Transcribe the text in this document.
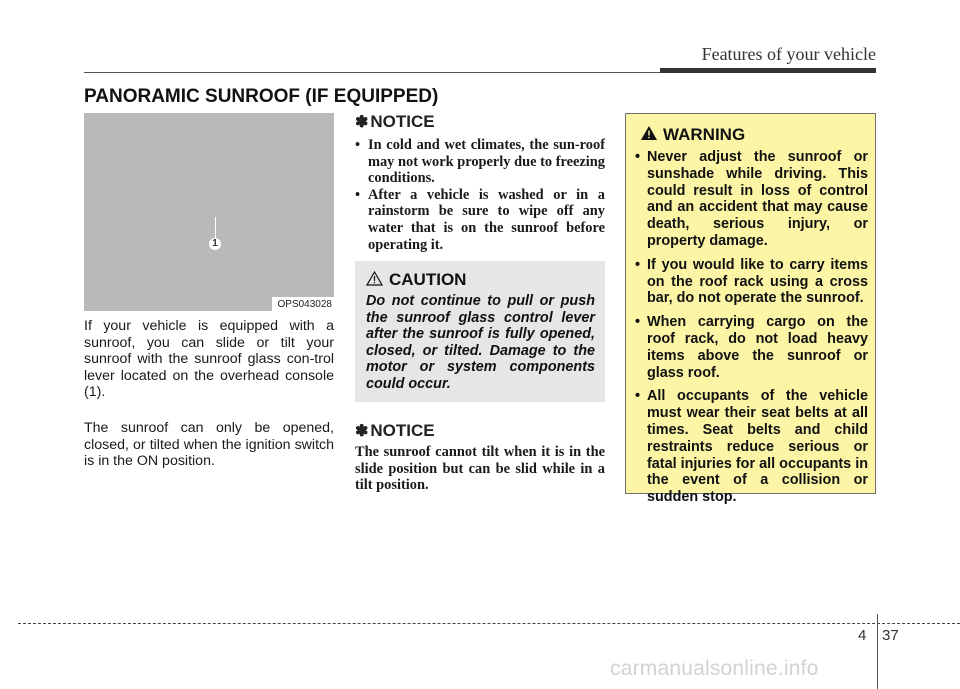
Features of your vehicle
PANORAMIC SUNROOF (IF EQUIPPED)
1
OPS043028

If your vehicle is equipped with a sunroof, you can slide or tilt your sunroof with the sunroof glass con-trol lever located on the overhead console (1).

The sunroof can only be opened, closed, or tilted when the ignition switch is in the ON position.

✽ NOTICE
• In cold and wet climates, the sun-roof may not work properly due to freezing conditions.
• After a vehicle is washed or in a rainstorm be sure to wipe off any water that is on the sunroof before operating it.
CAUTION

Do not continue to pull or push the sunroof glass control lever after the sunroof is fully opened, closed, or tilted. Damage to the motor or system components could occur.

✽ NOTICE

The sunroof cannot tilt when it is in the slide position but can be slid while in a tilt position.

WARNING
• Never adjust the sunroof or sunshade while driving. This could result in loss of control and an accident that may cause death, serious injury, or property damage.
• If you would like to carry items on the roof rack using a cross bar, do not operate the sunroof.
• When carrying cargo on the roof rack, do not load heavy items above the sunroof or glass roof.
• All occupants of the vehicle must wear their seat belts at all times. Seat belts and child restraints reduce serious or fatal injuries for all occupants in the event of a collision or sudden stop.
4 37
carmanualsonline.info
